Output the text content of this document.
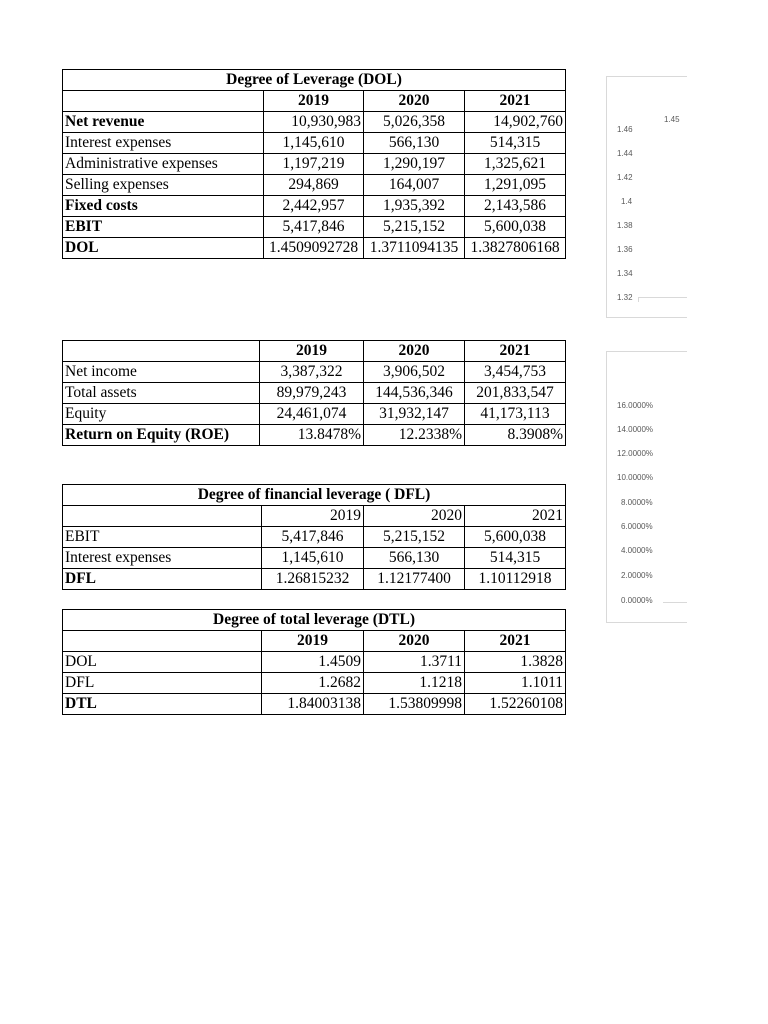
Degree of Leverage (DOL)			
	2019	2020	2021
Net revenue	10,930,983	5,026,358	14,902,760
Interest expenses	1,145,610	566,130	514,315
Administrative expenses	1,197,219	1,290,197	1,325,621
Selling expenses	294,869	164,007	1,291,095
Fixed costs	2,442,957	1,935,392	2,143,586
EBIT	5,417,846	5,215,152	5,600,038
DOL	1.4509092728	1.3711094135	1.3827806168
	2019	2020	2021
Net income	3,387,322	3,906,502	3,454,753
Total assets	89,979,243	144,536,346	201,833,547
Equity	24,461,074	31,932,147	41,173,113
Return on Equity (ROE)	13.8478%	12.2338%	8.3908%
Degree of financial leverage ( DFL)			
	2019	2020	2021
EBIT	5,417,846	5,215,152	5,600,038
Interest expenses	1,145,610	566,130	514,315
DFL	1.26815232	1.12177400	1.10112918
Degree of total leverage (DTL)			
	2019	2020	2021
DOL	1.4509	1.3711	1.3828
DFL	1.2682	1.1218	1.1011
DTL	1.84003138	1.53809998	1.52260108
1.45
1.46
1.44
1.42
1.4
1.38
1.36
1.34
1.32
16.0000%
14.0000%
12.0000%
10.0000%
8.0000%
6.0000%
4.0000%
2.0000%
0.0000%
